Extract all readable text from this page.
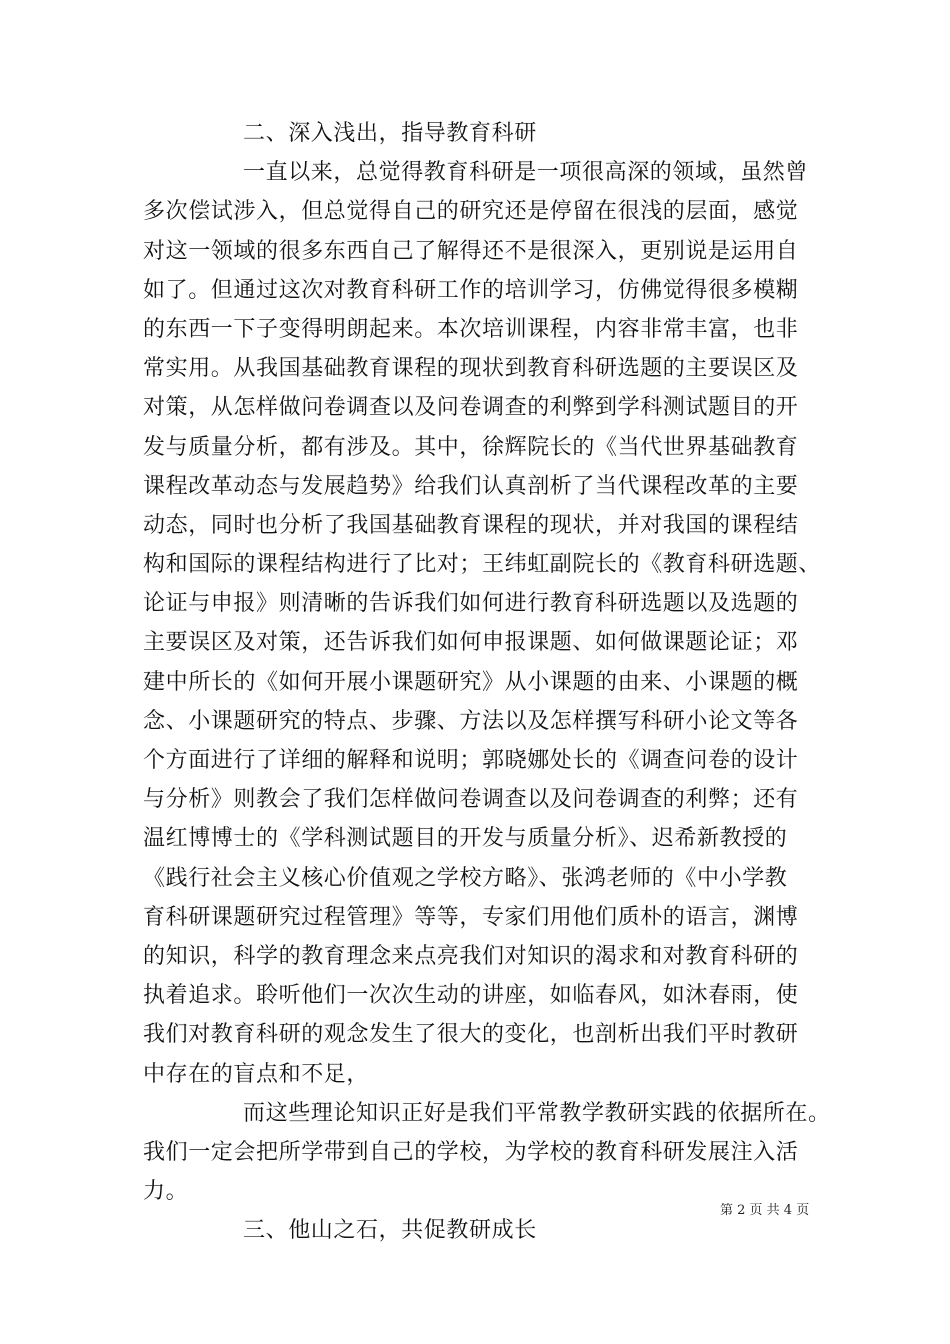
二、深入浅出，指导教育科研
一直以来，总觉得教育科研是一项很高深的领域，虽然曾
多次偿试涉入，但总觉得自己的研究还是停留在很浅的层面，感觉
对这一领域的很多东西自己了解得还不是很深入，更别说是运用自
如了。但通过这次对教育科研工作的培训学习，仿佛觉得很多模糊
的东西一下子变得明朗起来。本次培训课程，内容非常丰富，也非
常实用。从我国基础教育课程的现状到教育科研选题的主要误区及
对策，从怎样做问卷调查以及问卷调查的利弊到学科测试题目的开
发与质量分析，都有涉及。其中，徐辉院长的《当代世界基础教育
课程改革动态与发展趋势》给我们认真剖析了当代课程改革的主要
动态，同时也分析了我国基础教育课程的现状，并对我国的课程结
构和国际的课程结构进行了比对；王纬虹副院长的《教育科研选题、
论证与申报》则清晰的告诉我们如何进行教育科研选题以及选题的
主要误区及对策，还告诉我们如何申报课题、如何做课题论证；邓
建中所长的《如何开展小课题研究》从小课题的由来、小课题的概
念、小课题研究的特点、步骤、方法以及怎样撰写科研小论文等各
个方面进行了详细的解释和说明；郭晓娜处长的《调查问卷的设计
与分析》则教会了我们怎样做问卷调查以及问卷调查的利弊；还有
温红博博士的《学科测试题目的开发与质量分析》、迟希新教授的
《践行社会主义核心价值观之学校方略》、张鸿老师的《中小学教
育科研课题研究过程管理》等等，专家们用他们质朴的语言，渊博
的知识，科学的教育理念来点亮我们对知识的渴求和对教育科研的
执着追求。聆听他们一次次生动的讲座，如临春风，如沐春雨，使
我们对教育科研的观念发生了很大的变化，也剖析出我们平时教研
中存在的盲点和不足，
而这些理论知识正好是我们平常教学教研实践的依据所在。
我们一定会把所学带到自己的学校，为学校的教育科研发展注入活
力。
三、他山之石，共促教研成长
第 2 页 共 4 页
